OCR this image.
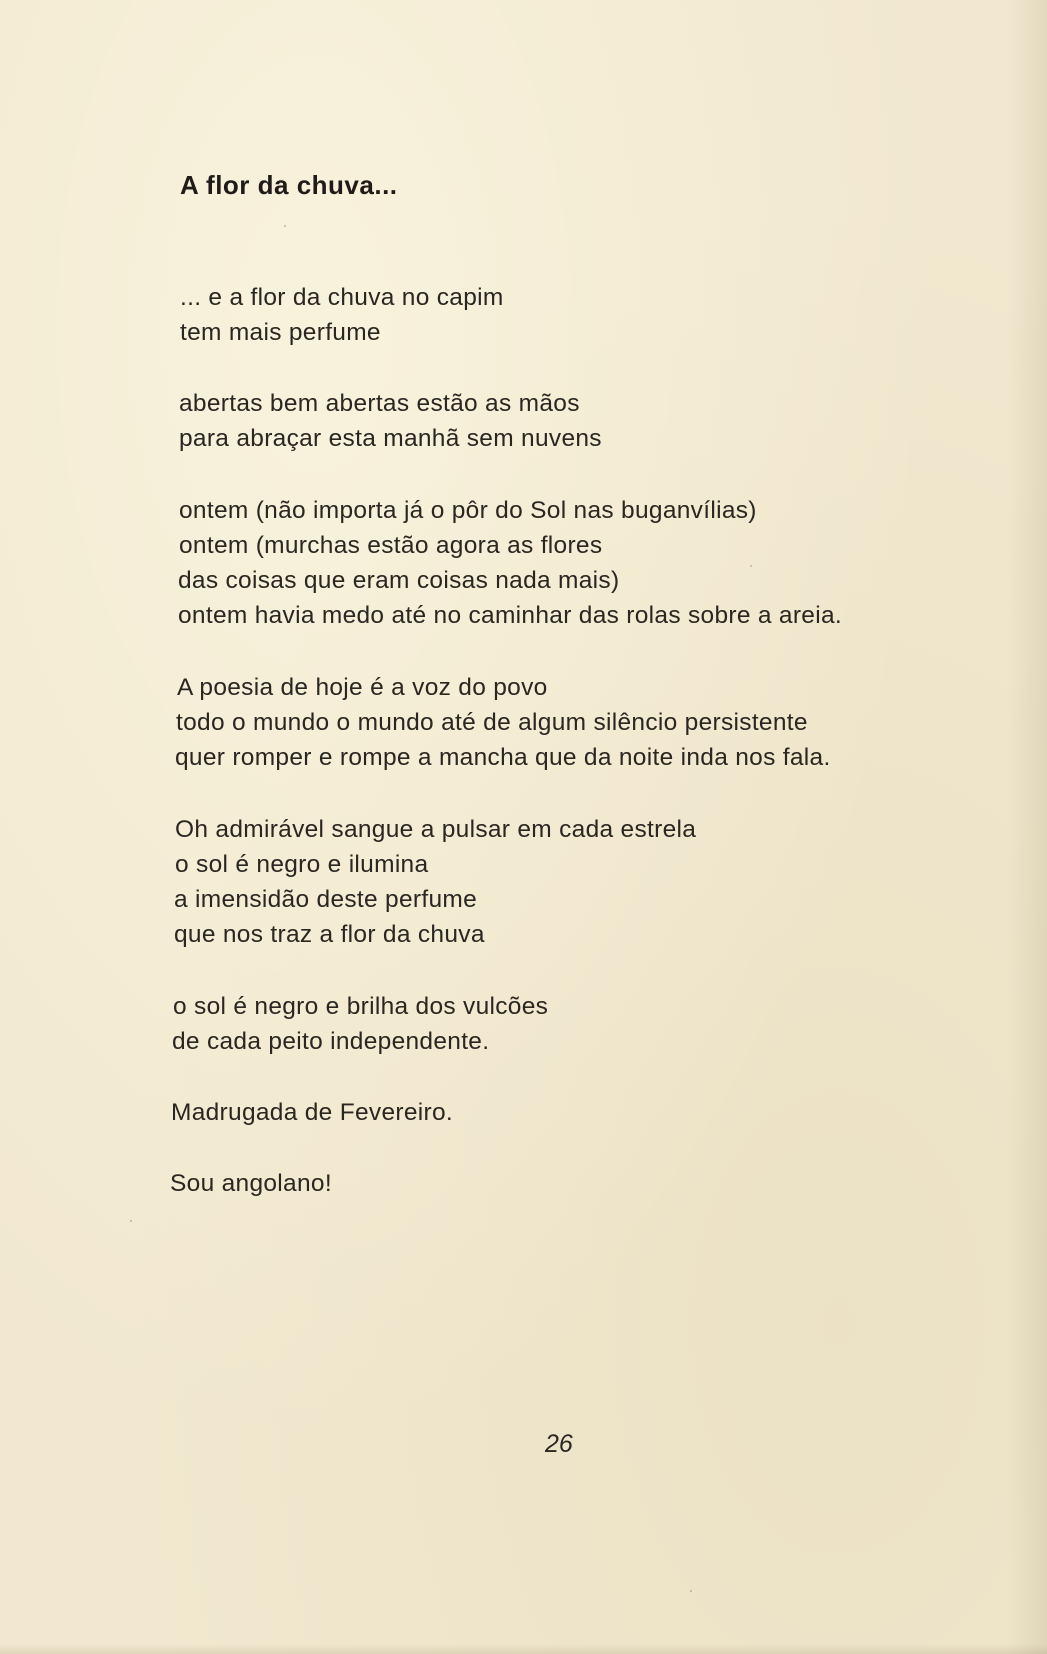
A flor da chuva...
... e a flor da chuva no capim
tem mais perfume
abertas bem abertas estão as mãos
para abraçar esta manhã sem nuvens
ontem (não importa já o pôr do Sol nas buganvílias)
ontem (murchas estão agora as flores
das coisas que eram coisas nada mais)
ontem havia medo até no caminhar das rolas sobre a areia.
A poesia de hoje é a voz do povo
todo o mundo o mundo até de algum silêncio persistente
quer romper e rompe a mancha que da noite inda nos fala.
Oh admirável sangue a pulsar em cada estrela
o sol é negro e ilumina
a imensidão deste perfume
que nos traz a flor da chuva
o sol é negro e brilha dos vulcões
de cada peito independente.
Madrugada de Fevereiro.
Sou angolano!
26
